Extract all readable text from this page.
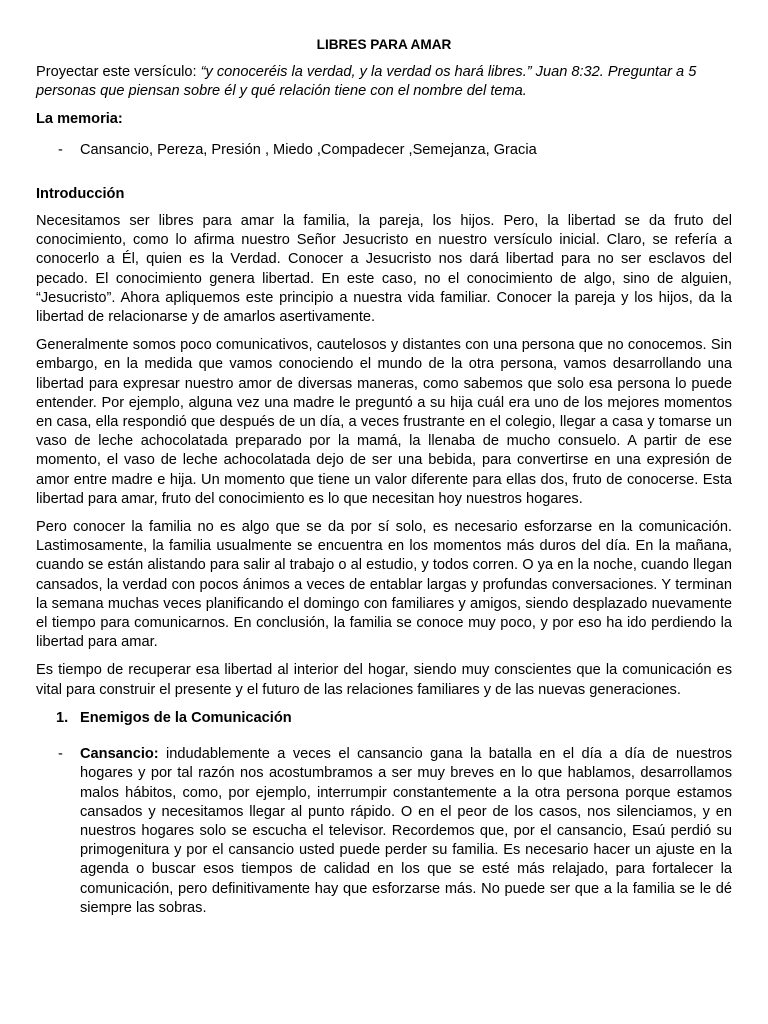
LIBRES PARA AMAR

Proyectar este versículo: “y conoceréis la verdad, y la verdad os hará libres.” Juan 8:32. Preguntar a 5 personas que piensan sobre él y qué relación tiene con el nombre del tema.

La memoria:

- Cansancio, Pereza, Presión , Miedo ,Compadecer ,Semejanza, Gracia

Introducción

Necesitamos ser libres para amar la familia, la pareja, los hijos. Pero, la libertad se da fruto del conocimiento, como lo afirma nuestro Señor Jesucristo en nuestro versículo inicial. Claro, se refería a conocerlo a Él, quien es la Verdad. Conocer a Jesucristo nos dará libertad para no ser esclavos del pecado. El conocimiento genera libertad. En este caso, no el conocimiento de algo, sino de alguien, “Jesucristo”. Ahora apliquemos este principio a nuestra vida familiar. Conocer la pareja y los hijos, da la libertad de relacionarse y de amarlos asertivamente.

Generalmente somos poco comunicativos, cautelosos y distantes con una persona que no conocemos. Sin embargo, en la medida que vamos conociendo el mundo de la otra persona, vamos desarrollando una libertad para expresar nuestro amor de diversas maneras, como sabemos que solo esa persona lo puede entender. Por ejemplo, alguna vez una madre le preguntó a su hija cuál era uno de los mejores momentos en casa, ella respondió que después de un día, a veces frustrante en el colegio, llegar a casa y tomarse un vaso de leche achocolatada preparado por la mamá, la llenaba de mucho consuelo. A partir de ese momento, el vaso de leche achocolatada dejo de ser una bebida, para convertirse en una expresión de amor entre madre e hija. Un momento que tiene un valor diferente para ellas dos, fruto de conocerse. Esta libertad para amar, fruto del conocimiento es lo que necesitan hoy nuestros hogares.

Pero conocer la familia no es algo que se da por sí solo, es necesario esforzarse en la comunicación. Lastimosamente, la familia usualmente se encuentra en los momentos más duros del día. En la mañana, cuando se están alistando para salir al trabajo o al estudio, y todos corren. O ya en la noche, cuando llegan cansados, la verdad con pocos ánimos a veces de entablar largas y profundas conversaciones. Y terminan la semana muchas veces planificando el domingo con familiares y amigos, siendo desplazado nuevamente el tiempo para comunicarnos. En conclusión, la familia se conoce muy poco, y por eso ha ido perdiendo la libertad para amar.

Es tiempo de recuperar esa libertad al interior del hogar, siendo muy conscientes que la comunicación es vital para construir el presente y el futuro de las relaciones familiares y de las nuevas generaciones.

1. Enemigos de la Comunicación
- Cansancio: indudablemente a veces el cansancio gana la batalla en el día a día de nuestros hogares y por tal razón nos acostumbramos a ser muy breves en lo que hablamos, desarrollamos malos hábitos, como, por ejemplo, interrumpir constantemente a la otra persona porque estamos cansados y necesitamos llegar al punto rápido. O en el peor de los casos, nos silenciamos, y en nuestros hogares solo se escucha el televisor. Recordemos que, por el cansancio, Esaú perdió su primogenitura y por el cansancio usted puede perder su familia. Es necesario hacer un ajuste en la agenda o buscar esos tiempos de calidad en los que se esté más relajado, para fortalecer la comunicación, pero definitivamente hay que esforzarse más. No puede ser que a la familia se le dé siempre las sobras.
